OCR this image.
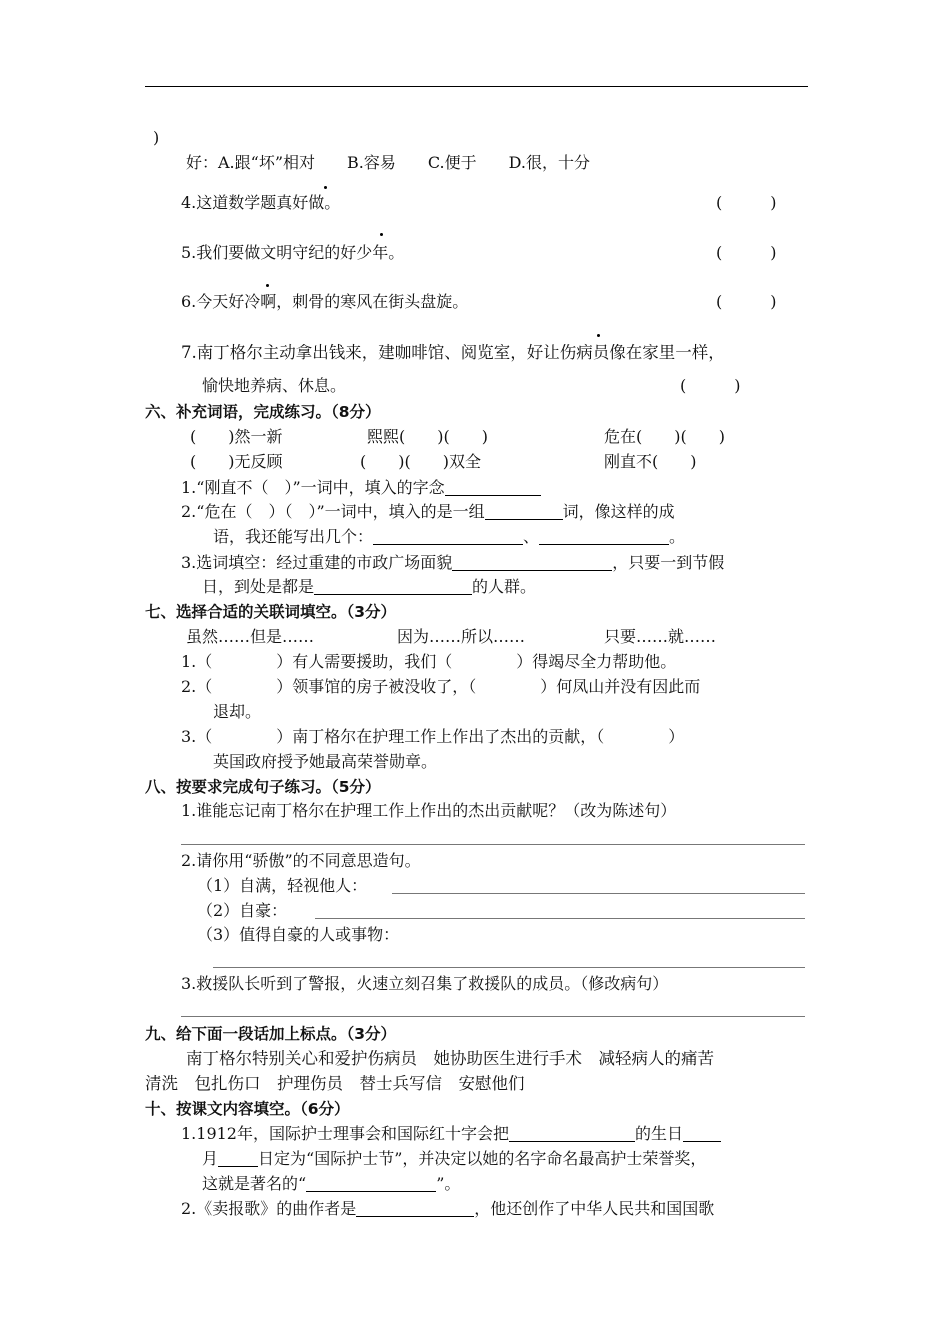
)
好：A.跟“坏”相对　　B.容易　　C.便于　　D.很，十分
4.这道数学题真好做。	(　　　)
5.我们要做文明守纪的好少年。	(　　　)
6.今天好冷啊，刺骨的寒风在街头盘旋。	(　　　)
7.南丁格尔主动拿出钱来，建咖啡馆、阅览室，好让伤病员像在家里一样，
愉快地养病、休息。	(　　　)
六、补充词语，完成练习。（8分）
(　　)然一新	熙熙(　　)(　　)	危在(　　)(　　)
(　　)无反顾	(　　)(　　)双全	刚直不(　　)
1.“刚直不（　）”一词中，填入的字念
2.“危在（　）（　）”一词中，填入的是一组	词，像这样的成
语，我还能写出几个：	、	。
3.选词填空：经过重建的市政广场面貌	，只要一到节假
日，到处是都是	的人群。
七、选择合适的关联词填空。（3分）
虽然……但是……	因为……所以……	只要……就……
1.（　　　　）有人需要援助，我们（　　　　）得竭尽全力帮助他。
2.（　　　　）领事馆的房子被没收了，（　　　　）何凤山并没有因此而
退却。
3.（　　　　）南丁格尔在护理工作上作出了杰出的贡献，（　　　　）
英国政府授予她最高荣誉勋章。
八、按要求完成句子练习。（5分）
1.谁能忘记南丁格尔在护理工作上作出的杰出贡献呢？（改为陈述句）
2.请你用“骄傲”的不同意思造句。
（1）自满，轻视他人：
（2）自豪：
（3）值得自豪的人或事物：
3.救援队长听到了警报，火速立刻召集了救援队的成员。（修改病句）
九、给下面一段话加上标点。（3分）
南丁格尔特别关心和爱护伤病员　她协助医生进行手术　减轻病人的痛苦
清洗　包扎伤口　护理伤员　替士兵写信　安慰他们
十、按课文内容填空。（6分）
1.1912年，国际护士理事会和国际红十字会把	的生日
月	日定为“国际护士节”，并决定以她的名字命名最高护士荣誉奖，
这就是著名的“	”。
2.《卖报歌》的曲作者是	，他还创作了中华人民共和国国歌
